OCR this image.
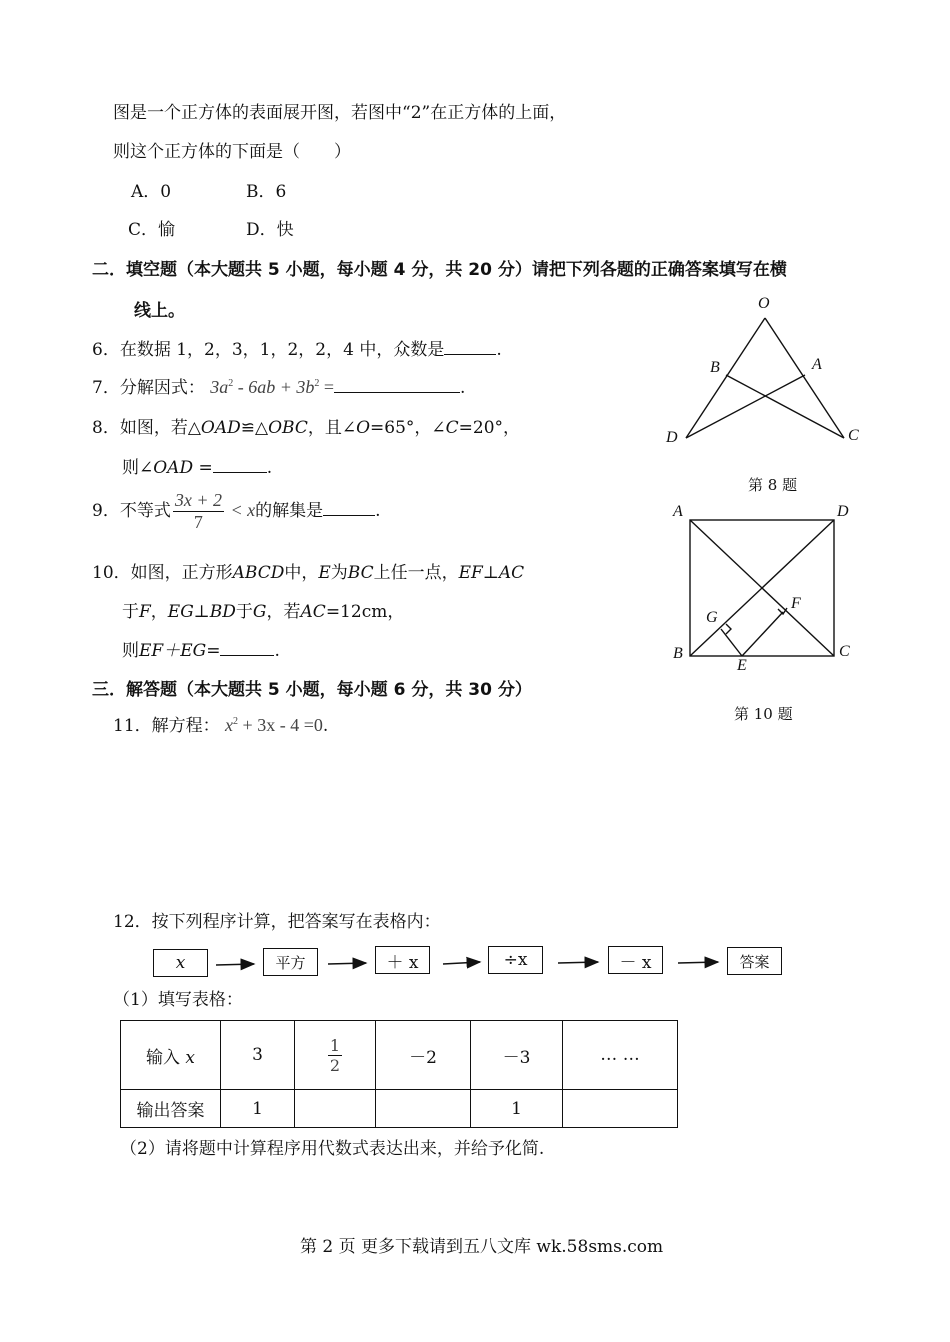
图是一个正方体的表面展开图，若图中“2”在正方体的上面，
则这个正方体的下面是（　　）
A．0	B．6
C．愉	D．快
二．填空题（本大题共 5 小题，每小题 4 分，共 20 分）请把下列各题的正确答案填写在横
线上。
6．在数据 1，2，3，1，2，2，4 中，众数是	.
7．分解因式： $3a^2 - 6ab + 3b^2$ =	.
8．如图，若△OAD≌△OBC，且∠O=65°，∠C=20°，
则∠OAD =	.
9．不等式 $\frac{3x + 2}{7} < x$的解集是	.
10．如图，正方形ABCD中，E为BC上任一点，EF⊥AC
于F，EG⊥BD于G，若AC=12cm，
则EF＋EG=	.
三．解答题（本大题共 5 小题，每小题 6 分，共 30 分）
11．解方程： $x^2 + 3x - 4 =0$.
12．按下列程序计算，把答案写在表格内：
x	平方	＋ x	÷x	－ x	答案
（1）填写表格：
输入 x	3	$\frac{1}{2}$	－2	－3	… …
输出答案	1			1	
（2）请将题中计算程序用代数式表达出来，并给予化简.
O
B	A
D	C
第 8 题
A	D
G
F
B
E
C
第 10 题
第 2 页 更多下载请到五八文库 wk.58sms.com
